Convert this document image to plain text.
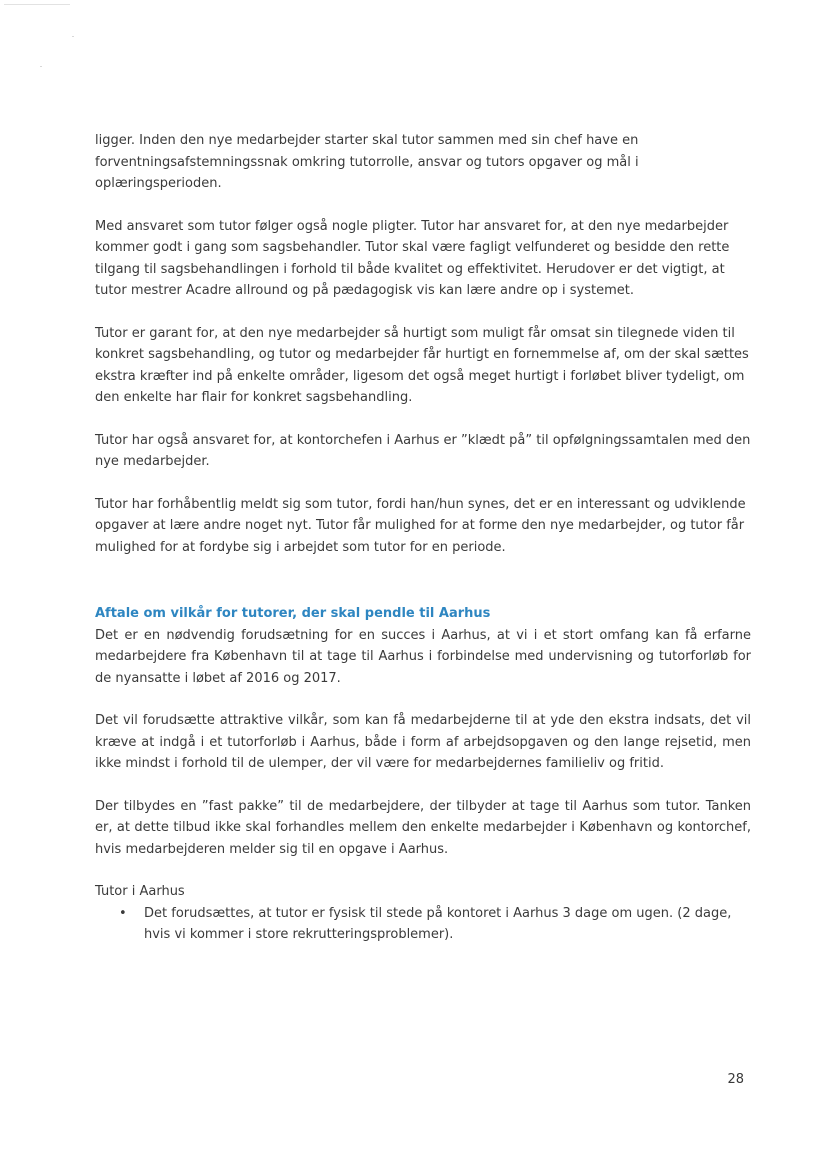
ligger. Inden den nye medarbejder starter skal tutor sammen med sin chef have en forventningsafstemningssnak omkring tutorrolle, ansvar og tutors opgaver og mål i oplæringsperioden.

Med ansvaret som tutor følger også nogle pligter. Tutor har ansvaret for, at den nye medarbejder kommer godt i gang som sagsbehandler. Tutor skal være fagligt velfunderet og besidde den rette tilgang til sagsbehandlingen i forhold til både kvalitet og effektivitet. Herudover er det vigtigt, at tutor mestrer Acadre allround og på pædagogisk vis kan lære andre op i systemet.

Tutor er garant for, at den nye medarbejder så hurtigt som muligt får omsat sin tilegnede viden til konkret sagsbehandling, og tutor og medarbejder får hurtigt en fornemmelse af, om der skal sættes ekstra kræfter ind på enkelte områder, ligesom det også meget hurtigt i forløbet bliver tydeligt, om den enkelte har flair for konkret sagsbehandling.

Tutor har også ansvaret for, at kontorchefen i Aarhus er ”klædt på” til opfølgningssamtalen med den nye medarbejder.

Tutor har forhåbentlig meldt sig som tutor, fordi han/hun synes, det er en interessant og udviklende opgaver at lære andre noget nyt. Tutor får mulighed for at forme den nye medarbejder, og tutor får mulighed for at fordybe sig i arbejdet som tutor for en periode.

Aftale om vilkår for tutorer, der skal pendle til Aarhus

Det er en nødvendig forudsætning for en succes i Aarhus, at vi i et stort omfang kan få erfarne medarbejdere fra København til at tage til Aarhus i forbindelse med undervisning og tutorforløb for de nyansatte i løbet af 2016 og 2017.

Det vil forudsætte attraktive vilkår, som kan få medarbejderne til at yde den ekstra indsats, det vil kræve at indgå i et tutorforløb i Aarhus, både i form af arbejdsopgaven og den lange rejsetid, men ikke mindst i forhold til de ulemper, der vil være for medarbejdernes familieliv og fritid.

Der tilbydes en ”fast pakke” til de medarbejdere, der tilbyder at tage til Aarhus som tutor. Tanken er, at dette tilbud ikke skal forhandles mellem den enkelte medarbejder i København og kontorchef, hvis medarbejderen melder sig til en opgave i Aarhus.

Tutor i Aarhus

• Det forudsættes, at tutor er fysisk til stede på kontoret i Aarhus 3 dage om ugen. (2 dage, hvis vi kommer i store rekrutteringsproblemer).
28
